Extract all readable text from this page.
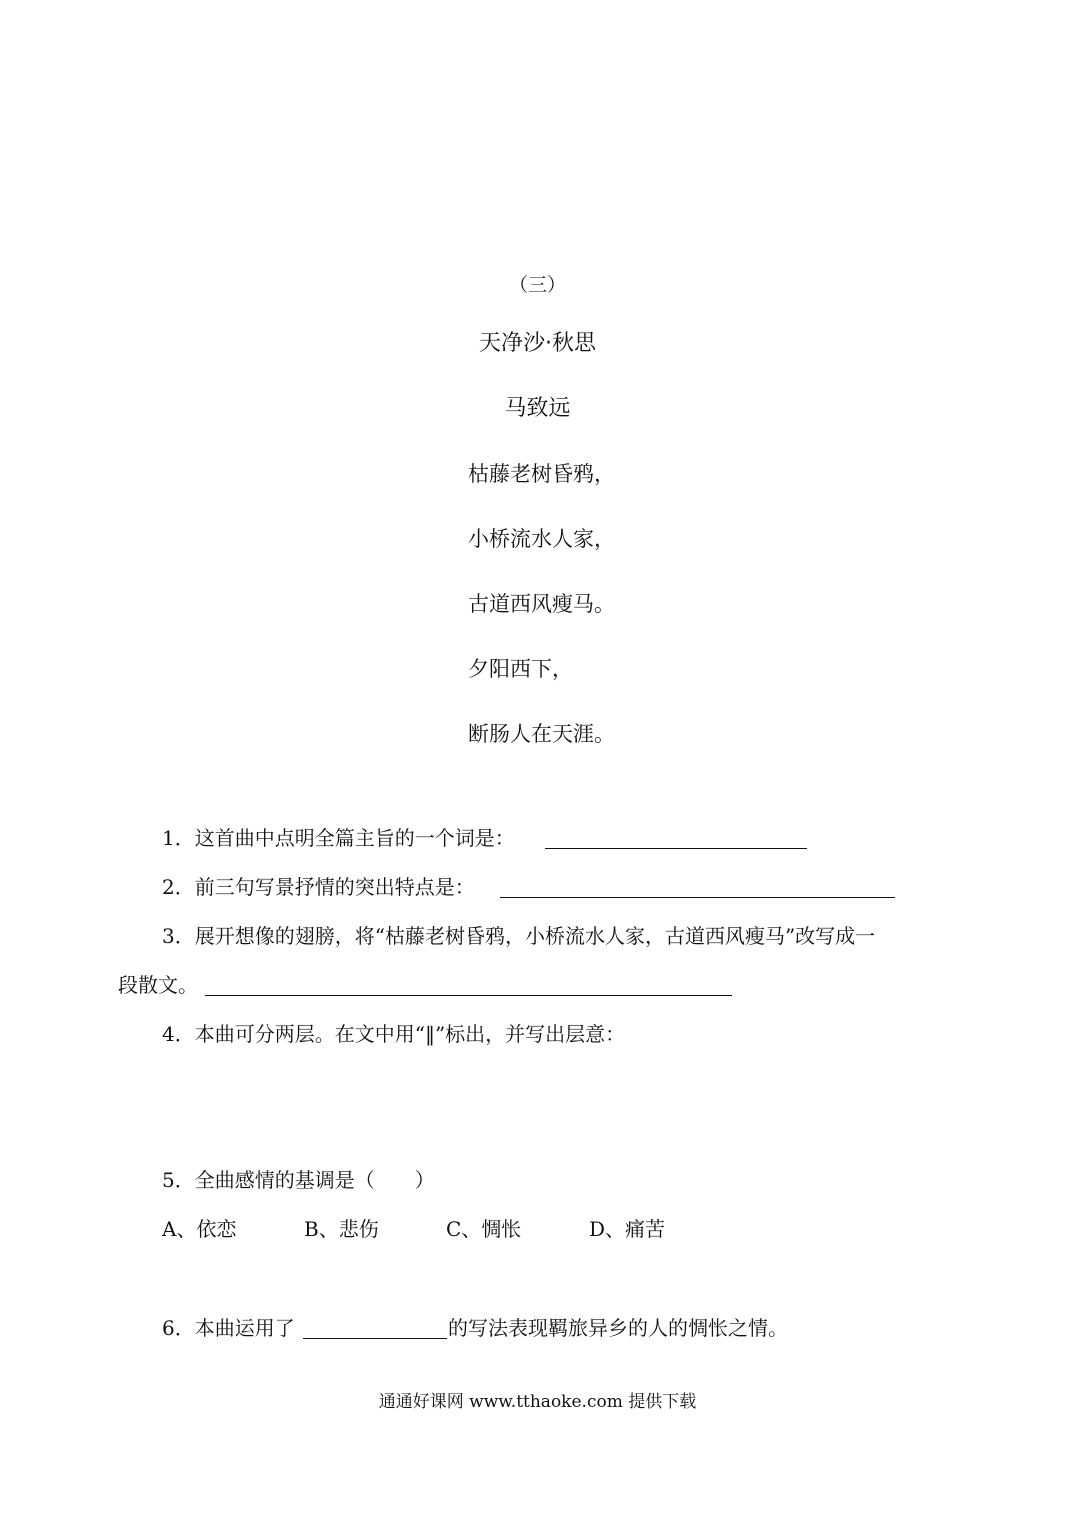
（三）
天净沙·秋思
马致远
枯藤老树昏鸦，
小桥流水人家，
古道西风瘦马。
夕阳西下，
断肠人在天涯。
1．这首曲中点明全篇主旨的一个词是：
2．前三句写景抒情的突出特点是：
3．展开想像的翅膀，将“枯藤老树昏鸦，小桥流水人家，古道西风瘦马”改写成一
段散文。
4．本曲可分两层。在文中用“‖”标出，并写出层意：
5．全曲感情的基调是（　　）
A、依恋	B、悲伤	C、惆怅	D、痛苦
6．本曲运用了	的写法表现羁旅异乡的人的惆怅之情。
通通好课网 www.tthaoke.com 提供下载
